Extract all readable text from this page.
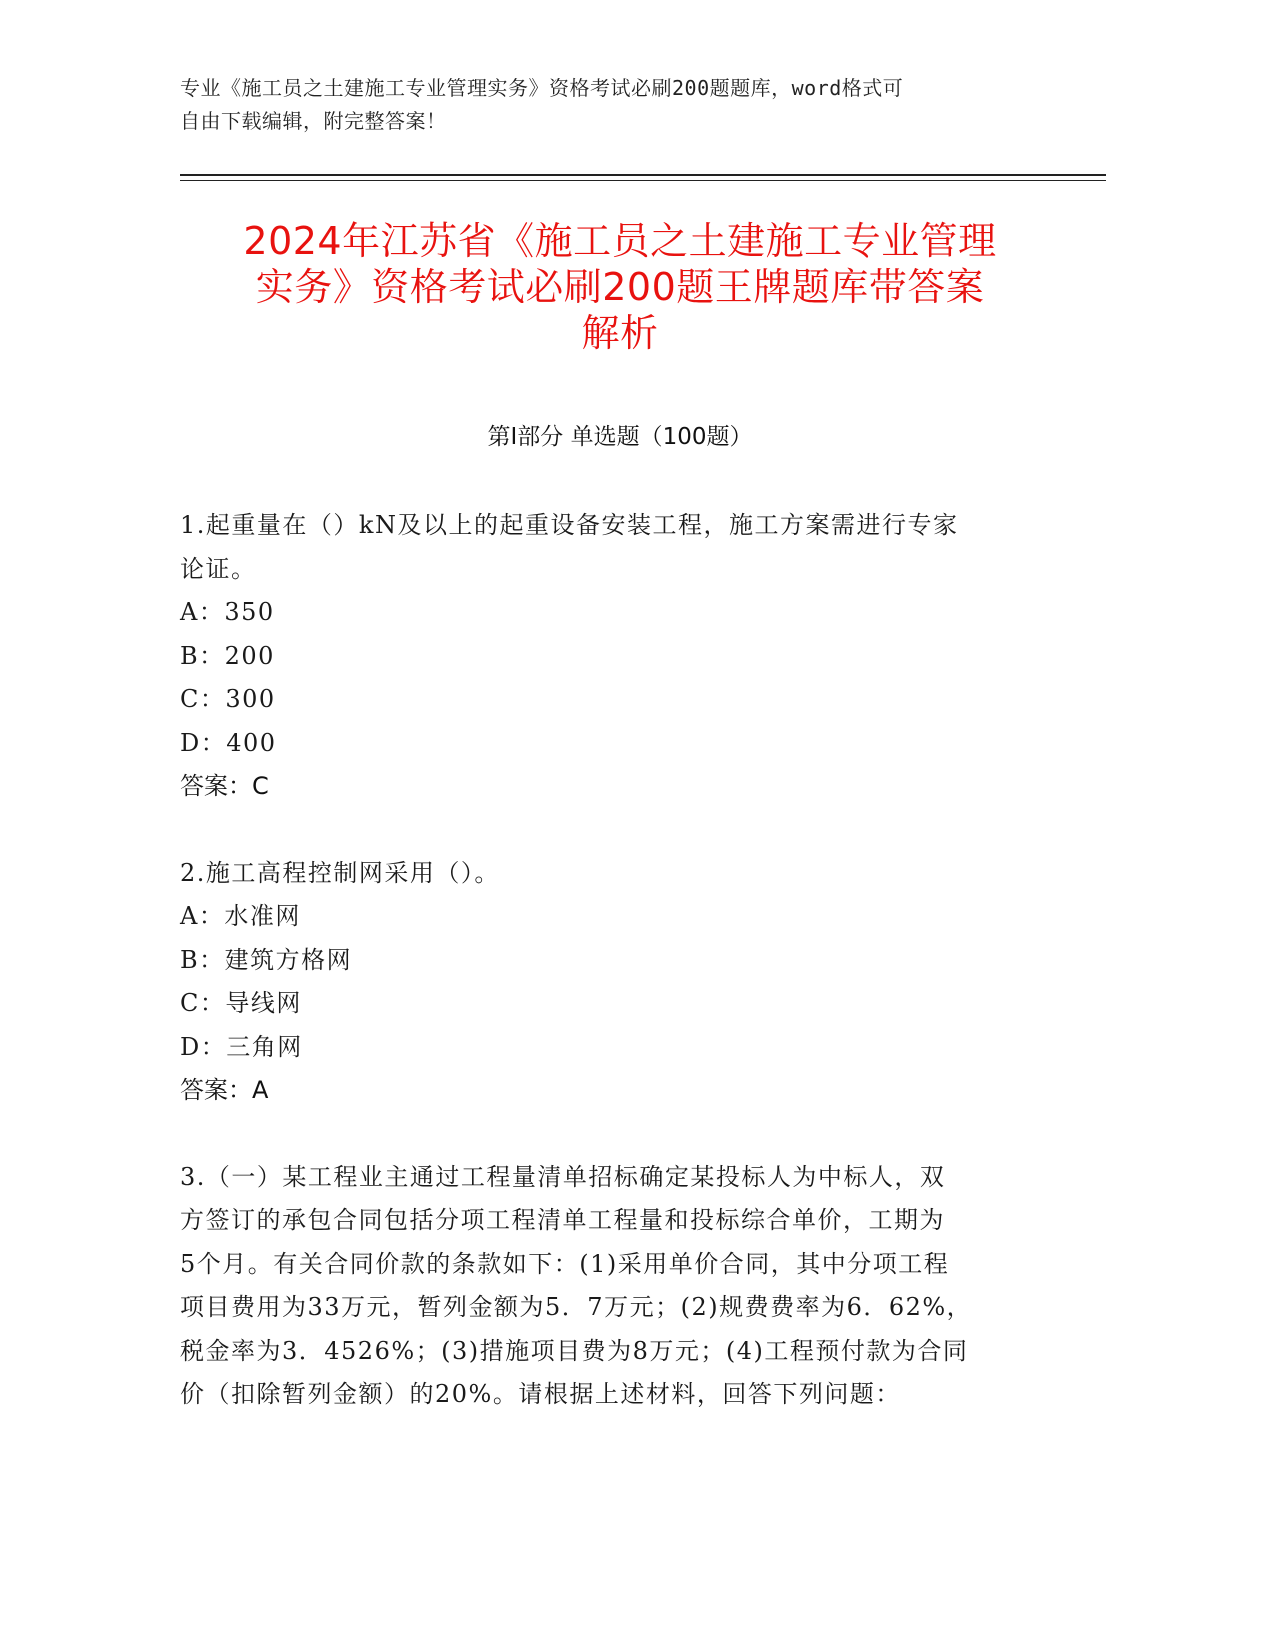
专业《施工员之土建施工专业管理实务》资格考试必刷200题题库，word格式可
自由下载编辑，附完整答案！
2024年江苏省《施工员之土建施工专业管理
实务》资格考试必刷200题王牌题库带答案
解析
第Ⅰ部分 单选题（100题）

1.起重量在（）kN及以上的起重设备安装工程，施工方案需进行专家

论证。

A：350

B：200

C：300

D：400

答案：C

2.施工高程控制网采用（）。

A：水准网

B：建筑方格网

C：导线网

D：三角网

答案：A

3.（一）某工程业主通过工程量清单招标确定某投标人为中标人，双

方签订的承包合同包括分项工程清单工程量和投标综合单价，工期为

5个月。有关合同价款的条款如下：(1)采用单价合同，其中分项工程

项目费用为33万元，暂列金额为5．7万元；(2)规费费率为6．62%，

税金率为3．4526%；(3)措施项目费为8万元；(4)工程预付款为合同

价（扣除暂列金额）的20%。请根据上述材料，回答下列问题：
